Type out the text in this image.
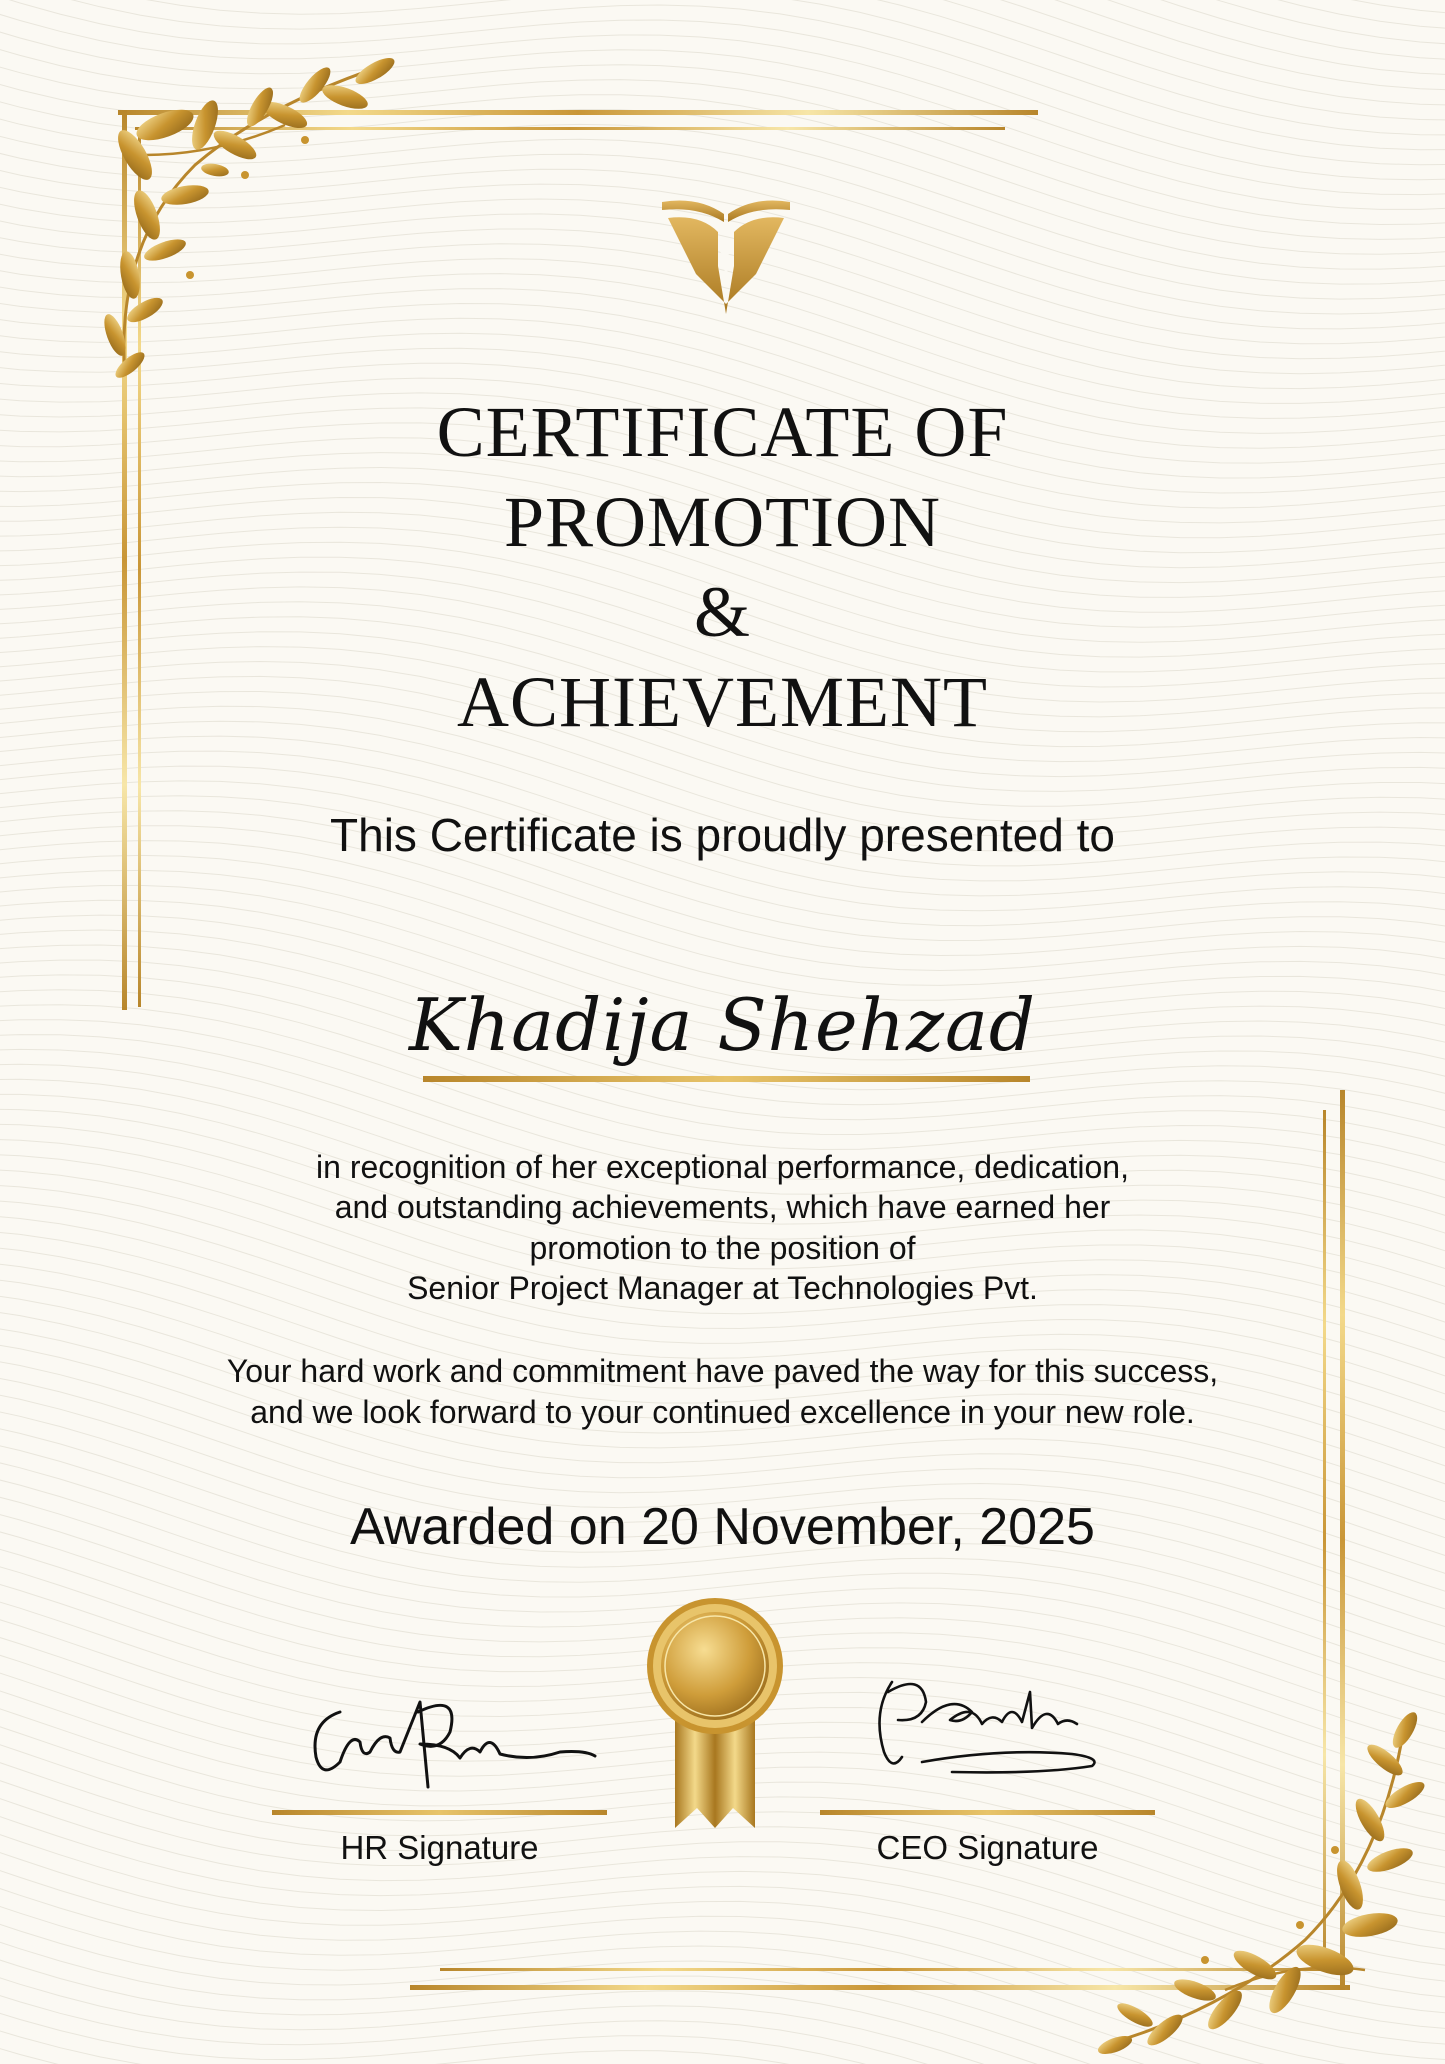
CERTIFICATE OF
PROMOTION
&
ACHIEVEMENT
This Certificate is proudly presented to
Khadija Shehzad
in recognition of her exceptional performance, dedication,
and outstanding achievements, which have earned her
promotion to the position of
Senior Project Manager at Technologies Pvt.
Your hard work and commitment have paved the way for this success,
and we look forward to your continued excellence in your new role.
Awarded on 20 November, 2025
HR Signature	CEO Signature
